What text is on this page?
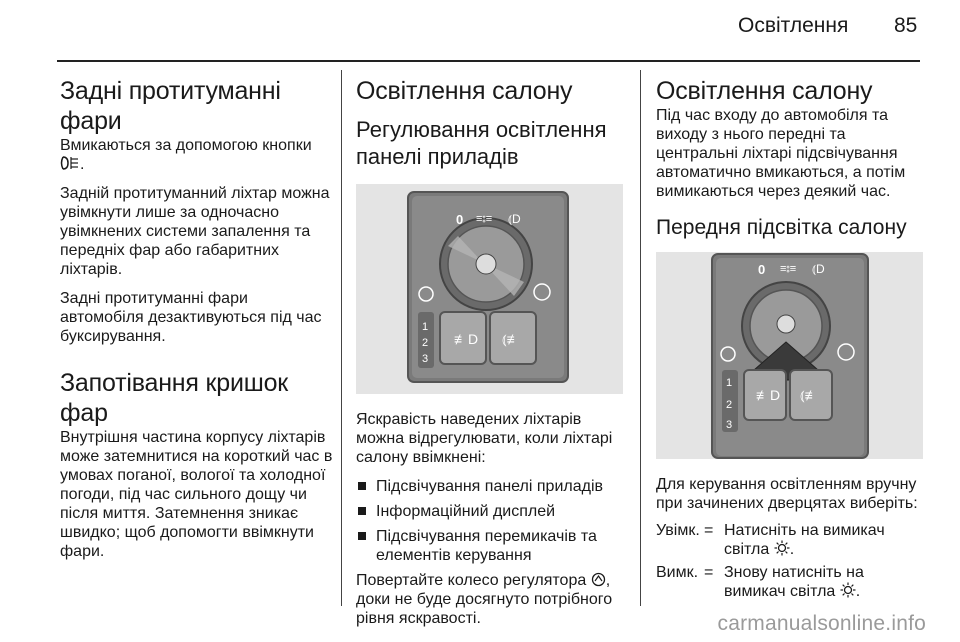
Освітлення 85
Задні протитуманні фари

Вмикаються за допомогою кнопки .

Задній протитуманний ліхтар можна увімкнути лише за одночасно увімкнених системи запалення та передніх фар або габаритних ліхтарів.

Задні протитуманні фари автомобіля дезактивуються під час буксирування.

Запотівання кришок фар

Внутрішня частина корпусу ліхтарів може затемнитися на короткий час в умовах поганої, вологої та холодної погоди, під час сильного дощу чи після миття. Затемнення зникає швидко; щоб допомогти ввімкнути фари.

Освітлення салону
Регулювання освітлення панелі приладів
0 ≡⦂≡ ⦅D
≢D ⦅≢
1
2
3

Яскравість наведених ліхтарів можна відрегулювати, коли ліхтарі салону ввімкнені:

Підсвічування панелі приладів
Інформаційний дисплей
Підсвічування перемикачів та елементів керування

Повертайте колесо регулятора , доки не буде досягнуто потрібного рівня яскравості.

Освітлення салону

Під час входу до автомобіля та виходу з нього передні та центральні ліхтарі підсвічування автоматично вмикаються, а потім вимикаються через деякий час.

Передня підсвітка салону
0 ≡⦂≡ ⦅D
≢D ⦅≢
1
2
3

Для керування освітленням вручну при зачинених дверцятах виберіть:

Увімк. = Натисніть на вимикач світла .
Вимк. = Знову натисніть на вимикач світла .
carmanualsonline.info
